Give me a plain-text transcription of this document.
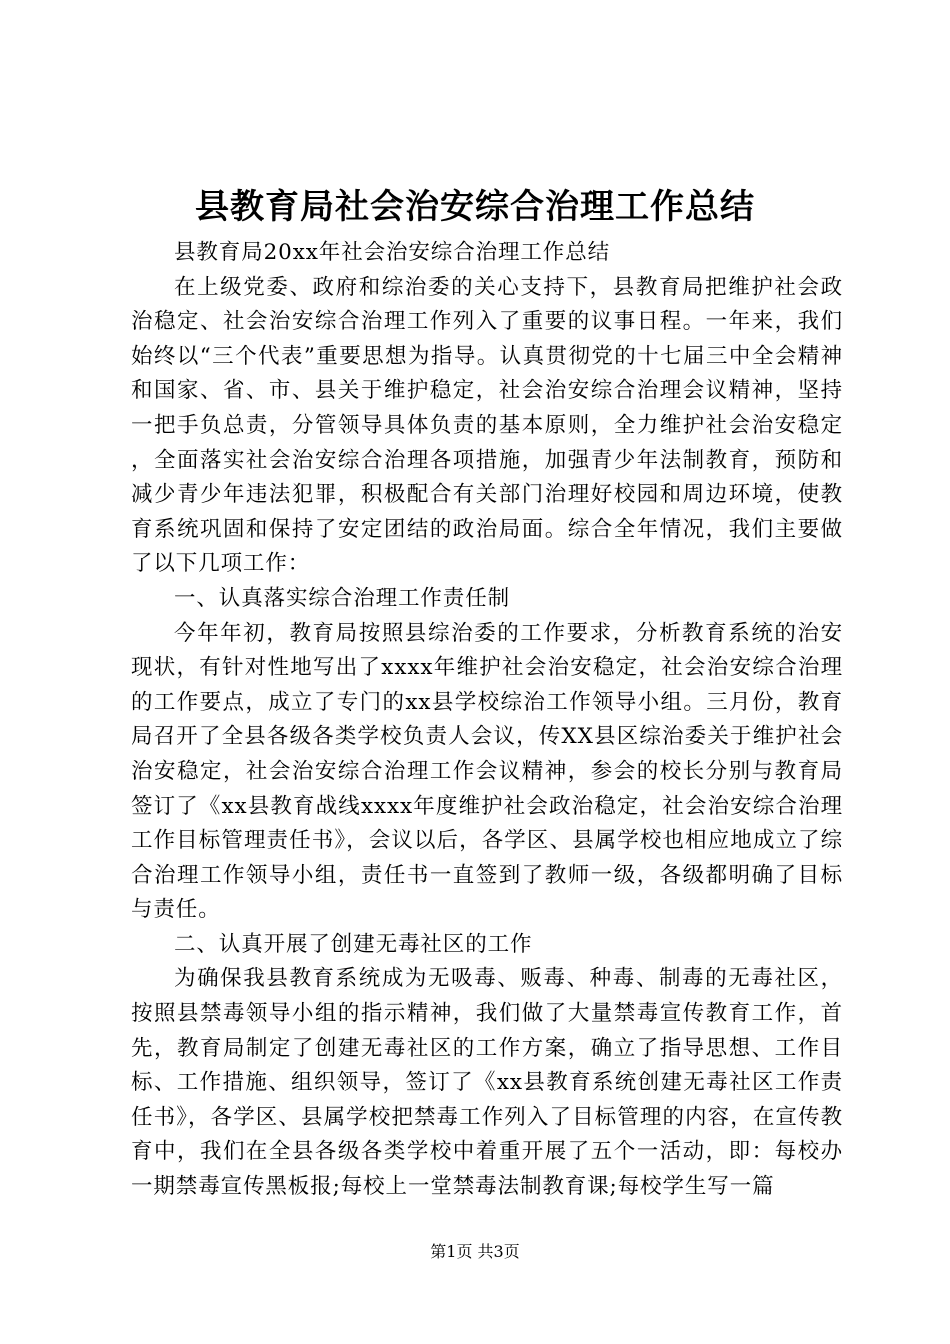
县教育局社会治安综合治理工作总结

县教育局20xx年社会治安综合治理工作总结

在上级党委、政府和综治委的关心支持下，县教育局把维护社会政治稳定、社会治安综合治理工作列入了重要的议事日程。一年来，我们始终以“三个代表”重要思想为指导。认真贯彻党的十七届三中全会精神和国家、省、市、县关于维护稳定，社会治安综合治理会议精神，坚持一把手负总责，分管领导具体负责的基本原则，全力维护社会治安稳定，全面落实社会治安综合治理各项措施，加强青少年法制教育，预防和减少青少年违法犯罪，积极配合有关部门治理好校园和周边环境，使教育系统巩固和保持了安定团结的政治局面。综合全年情况，我们主要做了以下几项工作：

一、认真落实综合治理工作责任制

今年年初，教育局按照县综治委的工作要求，分析教育系统的治安现状，有针对性地写出了xxxx年维护社会治安稳定，社会治安综合治理的工作要点，成立了专门的xx县学校综治工作领导小组。三月份，教育局召开了全县各级各类学校负责人会议，传XX县区综治委关于维护社会治安稳定，社会治安综合治理工作会议精神，参会的校长分别与教育局签订了《xx县教育战线xxxx年度维护社会政治稳定，社会治安综合治理工作目标管理责任书》，会议以后，各学区、县属学校也相应地成立了综合治理工作领导小组，责任书一直签到了教师一级，各级都明确了目标与责任。

二、认真开展了创建无毒社区的工作

为确保我县教育系统成为无吸毒、贩毒、种毒、制毒的无毒社区，按照县禁毒领导小组的指示精神，我们做了大量禁毒宣传教育工作，首先，教育局制定了创建无毒社区的工作方案，确立了指导思想、工作目标、工作措施、组织领导，签订了《xx县教育系统创建无毒社区工作责任书》，各学区、县属学校把禁毒工作列入了目标管理的内容，在宣传教育中，我们在全县各级各类学校中着重开展了五个一活动，即：每校办一期禁毒宣传黑板报;每校上一堂禁毒法制教育课;每校学生写一篇

第1页 共3页
